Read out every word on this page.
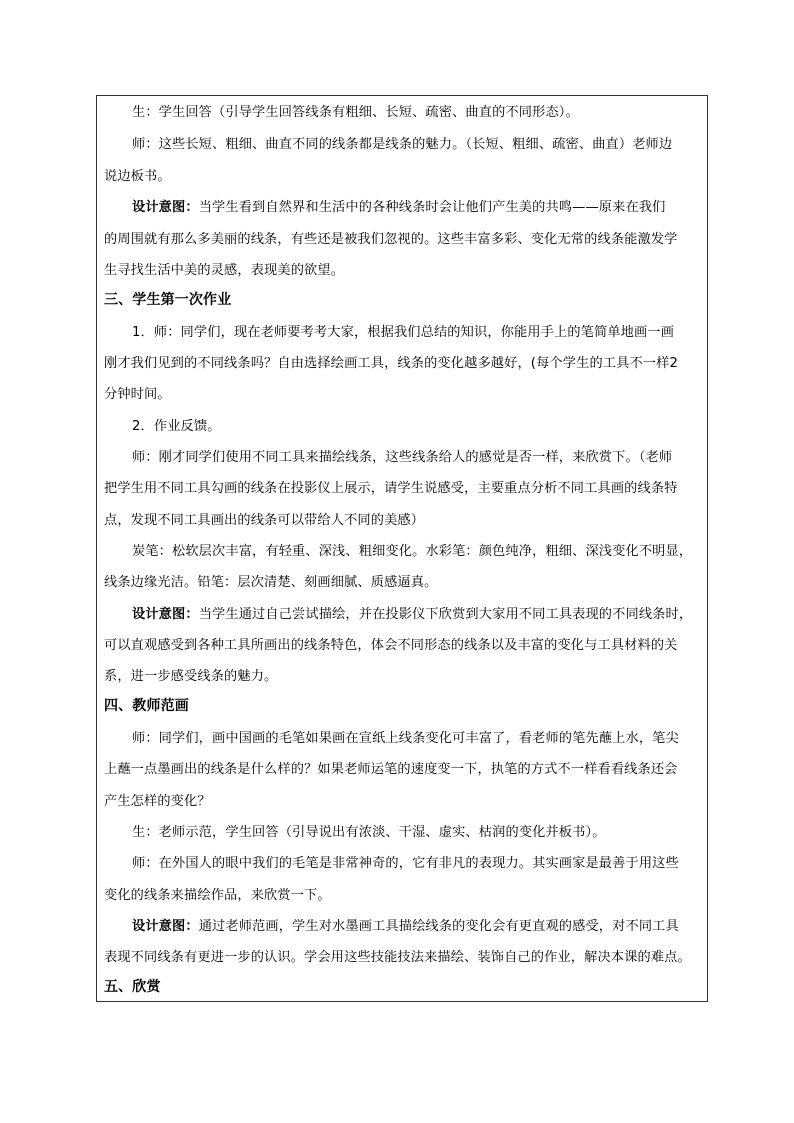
生：学生回答（引导学生回答线条有粗细、长短、疏密、曲直的不同形态）。
师：这些长短、粗细、曲直不同的线条都是线条的魅力。（长短、粗细、疏密、曲直）老师边
说边板书。
设计意图：当学生看到自然界和生活中的各种线条时会让他们产生美的共鸣——原来在我们
的周围就有那么多美丽的线条，有些还是被我们忽视的。这些丰富多彩、变化无常的线条能激发学
生寻找生活中美的灵感，表现美的欲望。
三、学生第一次作业
1．师：同学们，现在老师要考考大家，根据我们总结的知识，你能用手上的笔简单地画一画
刚才我们见到的不同线条吗？自由选择绘画工具，线条的变化越多越好，(每个学生的工具不一样2
分钟时间。
2．作业反馈。
师：刚才同学们使用不同工具来描绘线条，这些线条给人的感觉是否一样，来欣赏下。（老师
把学生用不同工具勾画的线条在投影仪上展示，请学生说感受，主要重点分析不同工具画的线条特
点，发现不同工具画出的线条可以带给人不同的美感）
炭笔：松软层次丰富，有轻重、深浅、粗细变化。水彩笔：颜色纯净，粗细、深浅变化不明显，
线条边缘光洁。铅笔：层次清楚、刻画细腻、质感逼真。
设计意图：当学生通过自己尝试描绘，并在投影仪下欣赏到大家用不同工具表现的不同线条时，
可以直观感受到各种工具所画出的线条特色，体会不同形态的线条以及丰富的变化与工具材料的关
系，进一步感受线条的魅力。
四、教师范画
师：同学们，画中国画的毛笔如果画在宣纸上线条变化可丰富了，看老师的笔先蘸上水，笔尖
上蘸一点墨画出的线条是什么样的？如果老师运笔的速度变一下，执笔的方式不一样看看线条还会
产生怎样的变化？
生：老师示范，学生回答（引导说出有浓淡、干湿、虚实、枯润的变化并板书）。
师：在外国人的眼中我们的毛笔是非常神奇的，它有非凡的表现力。其实画家是最善于用这些
变化的线条来描绘作品，来欣赏一下。
设计意图：通过老师范画，学生对水墨画工具描绘线条的变化会有更直观的感受，对不同工具
表现不同线条有更进一步的认识。学会用这些技能技法来描绘、装饰自己的作业，解决本课的难点。
五、欣赏
